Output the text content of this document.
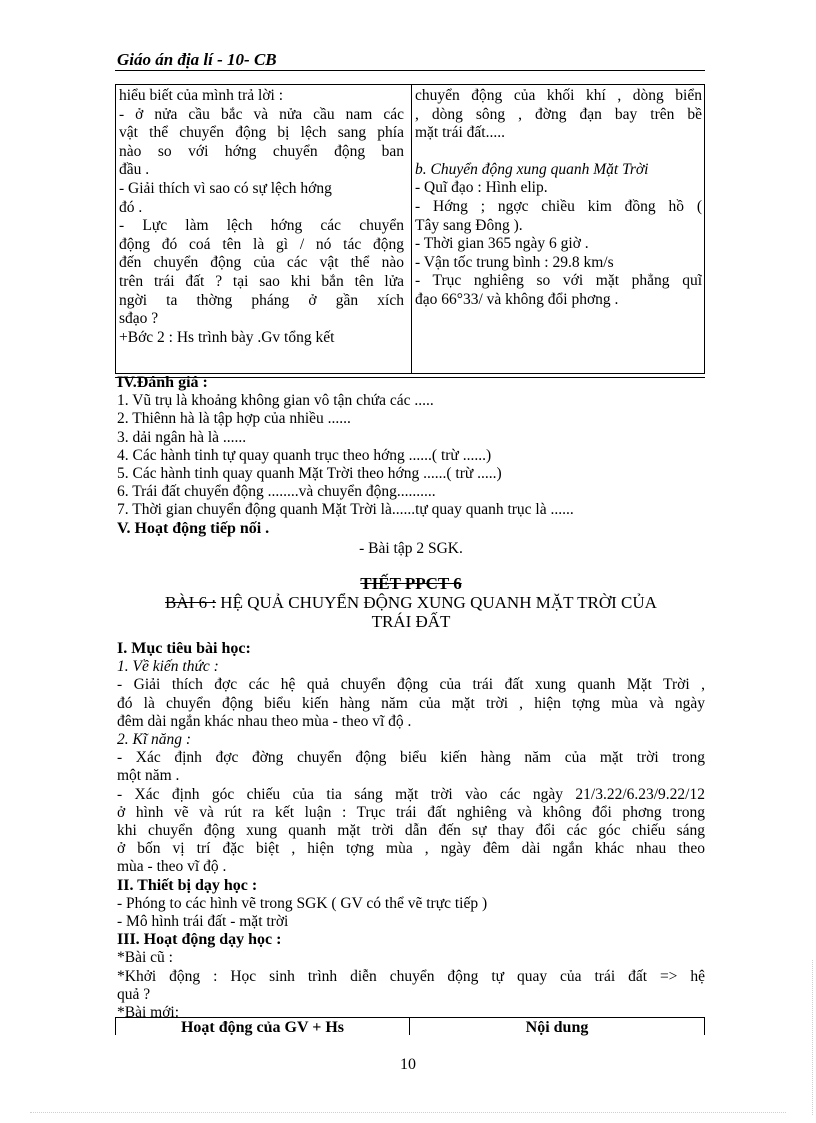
Giáo án địa lí - 10- CB
hiểu biết của mình trả lời :
- ở nửa cầu bắc và nửa cầu nam các
vật thể chuyển động bị lệch sang phía
nào so với hớng chuyển động ban
đầu .
- Giải thích vì sao có sự lệch hớng
đó .
- Lực làm lệch hớng các chuyển
động đó coá tên là gì / nó tác động
đến chuyển động của các vật thể nào
trên trái đất ? tại sao khi bắn tên lửa
ngời ta thờng pháng ở gần xích
sđạo ?
+Bớc 2 : Hs trình bày .Gv tổng kết
chuyển động của khối khí , dòng biển
, dòng sông , đờng đạn bay trên bề
mặt trái đất.....
b. Chuyển động xung quanh Mặt Trời
- Quĩ đạo : Hình elip.
- Hớng ; ngợc chiều kim đồng hồ (
Tây sang Đông ).
- Thời gian 365 ngày 6 giờ .
- Vận tốc trung bình : 29.8 km/s
- Trục nghiêng so với mặt phẳng quĩ
đạo 66°33/ và không đổi phơng .
IV.Đánh giá :
1. Vũ trụ là khoảng không gian vô tận chứa các .....
2. Thiênn hà là tập hợp của nhiều ......
3. dải ngân hà là ......
4. Các hành tinh tự quay quanh trục theo hớng ......( trừ ......)
5. Các hành tinh quay quanh Mặt Trời theo hớng ......( trừ .....)
6. Trái đất chuyển động ........và chuyển động..........
7. Thời gian chuyển động quanh Mặt Trời là......tự quay quanh trục là ......
V. Hoạt động tiếp nối .
- Bài tập 2 SGK.
TIẾT PPCT 6
BÀI 6 : HỆ QUẢ CHUYỂN ĐỘNG XUNG QUANH MẶT TRỜI CỦA
TRÁI ĐẤT
I. Mục tiêu bài học:
1. Về kiến thức :
- Giải thích đợc các hệ quả chuyển động của trái đất xung quanh Mặt Trời ,
đó là chuyển động biểu kiến hàng năm của mặt trời , hiện tợng mùa và ngày
đêm dài ngắn khác nhau theo mùa - theo vĩ độ .
2. Kĩ năng :
- Xác định đợc đờng chuyển động biểu kiến hàng năm của mặt trời trong
một năm .
- Xác định góc chiếu của tia sáng mặt trời vào các ngày 21/3.22/6.23/9.22/12
ở hình vẽ và rút ra kết luận : Trục trái đất nghiêng và không đổi phơng trong
khi chuyển động xung quanh mặt trời dẫn đến sự thay đổi các góc chiếu sáng
ở bốn vị trí đặc biệt , hiện tợng mùa , ngày đêm dài ngắn khác nhau theo
mùa - theo vĩ độ .
II. Thiết bị dạy học :
- Phóng to các hình vẽ trong SGK ( GV có thể vẽ trực tiếp )
- Mô hình trái đất - mặt trời
III. Hoạt động dạy học :
*Bài cũ :
*Khởi động : Học sinh trình diễn chuyển động tự quay của trái đất => hệ
quả ?
*Bài mới:
Hoạt động của GV + Hs	Nội dung
10
